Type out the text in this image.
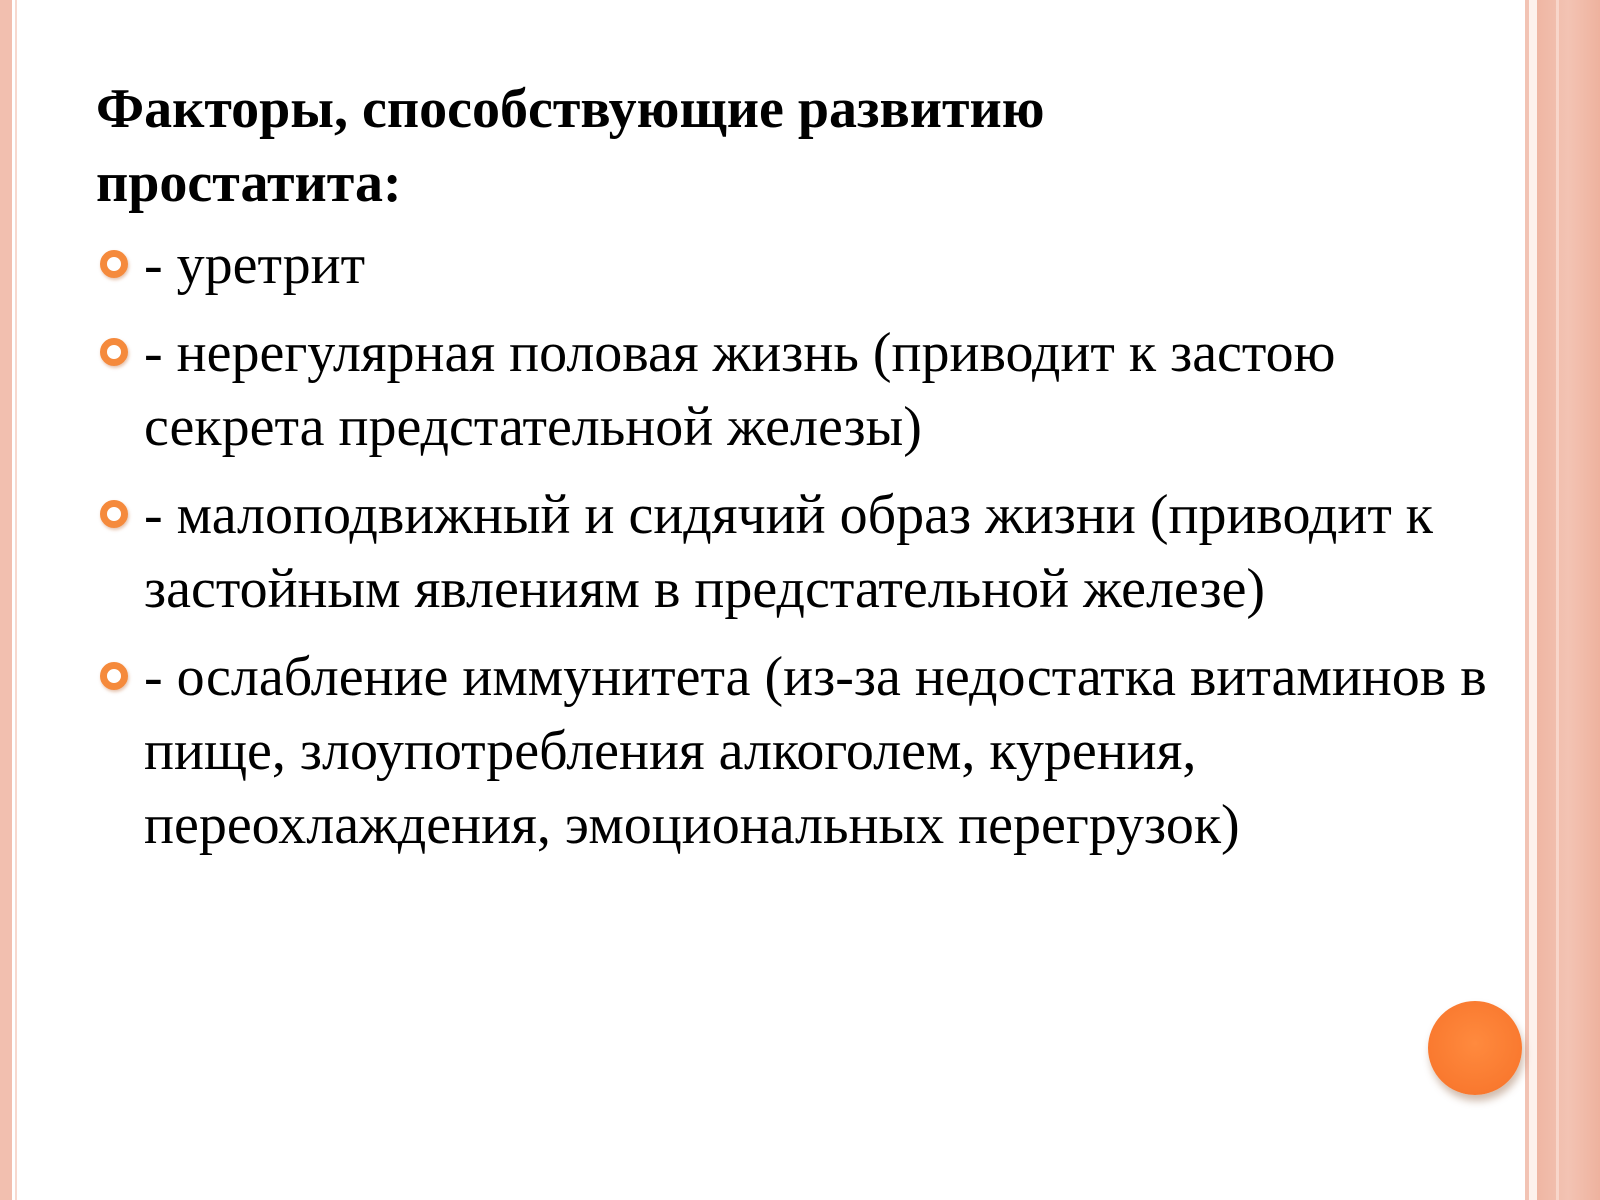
Факторы, способствующие развитию простатита:
- уретрит
- нерегулярная половая жизнь (приводит к застою секрета предстательной железы)
- малоподвижный и сидячий образ жизни (приводит к застойным явлениям в предстательной железе)
- ослабление иммунитета (из-за недостатка витаминов в пище, злоупотребления алкоголем, курения, переохлаждения, эмоциональных перегрузок)
